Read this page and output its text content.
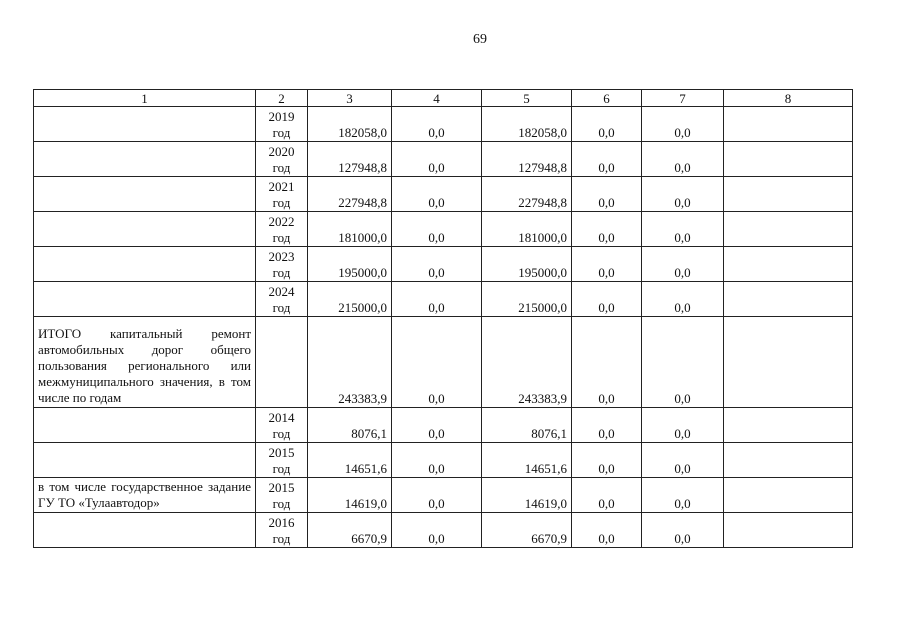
69
1	2	3	4	5	6	7	8

	2019
год	182058,0	0,0	182058,0	0,0	0,0	

	2020
год	127948,8	0,0	127948,8	0,0	0,0	

	2021
год	227948,8	0,0	227948,8	0,0	0,0	

	2022
год	181000,0	0,0	181000,0	0,0	0,0	

	2023
год	195000,0	0,0	195000,0	0,0	0,0	

	2024
год	215000,0	0,0	215000,0	0,0	0,0	

ИТОГО капитальный ремонт автомобильных дорог общего пользования регионального или межмуниципального значения, в том числе по годам		243383,9	0,0	243383,9	0,0	0,0	

	2014
год	8076,1	0,0	8076,1	0,0	0,0	

	2015
год	14651,6	0,0	14651,6	0,0	0,0	

в том числе государственное задание ГУ ТО «Тулаавтодор»	2015
год	14619,0	0,0	14619,0	0,0	0,0	

	2016
год	6670,9	0,0	6670,9	0,0	0,0	
